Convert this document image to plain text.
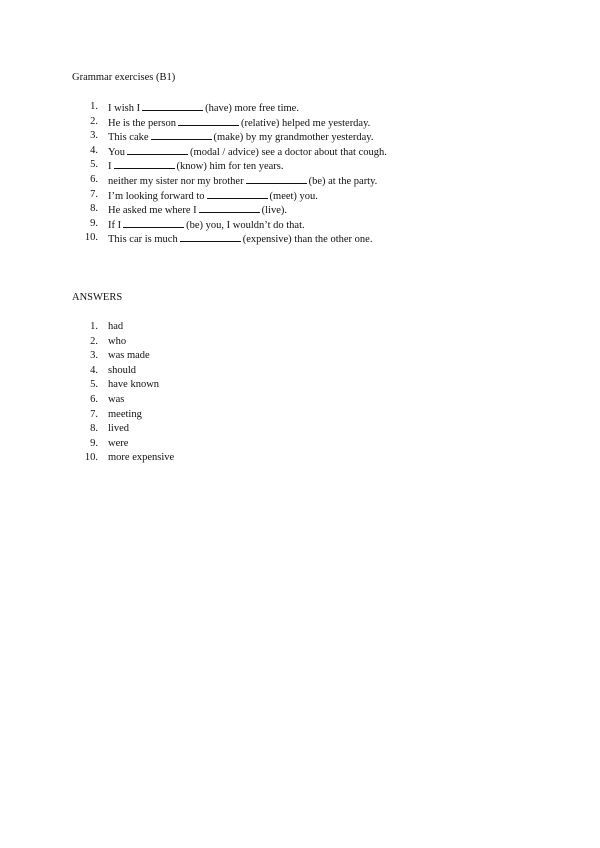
Grammar exercises (B1)
1. I wish I	(have) more free time.
2. He is the person	(relative) helped me yesterday.
3. This cake	(make) by my grandmother yesterday.
4. You	(modal / advice) see a doctor about that cough.
5. I	(know) him for ten years.
6. neither my sister nor my brother	(be) at the party.
7. I’m looking forward to	(meet) you.
8. He asked me where I	(live).
9. If I	(be) you, I wouldn’t do that.
10. This car is much	(expensive) than the other one.
ANSWERS
1. had
2. who
3. was made
4. should
5. have known
6. was
7. meeting
8. lived
9. were
10. more expensive
